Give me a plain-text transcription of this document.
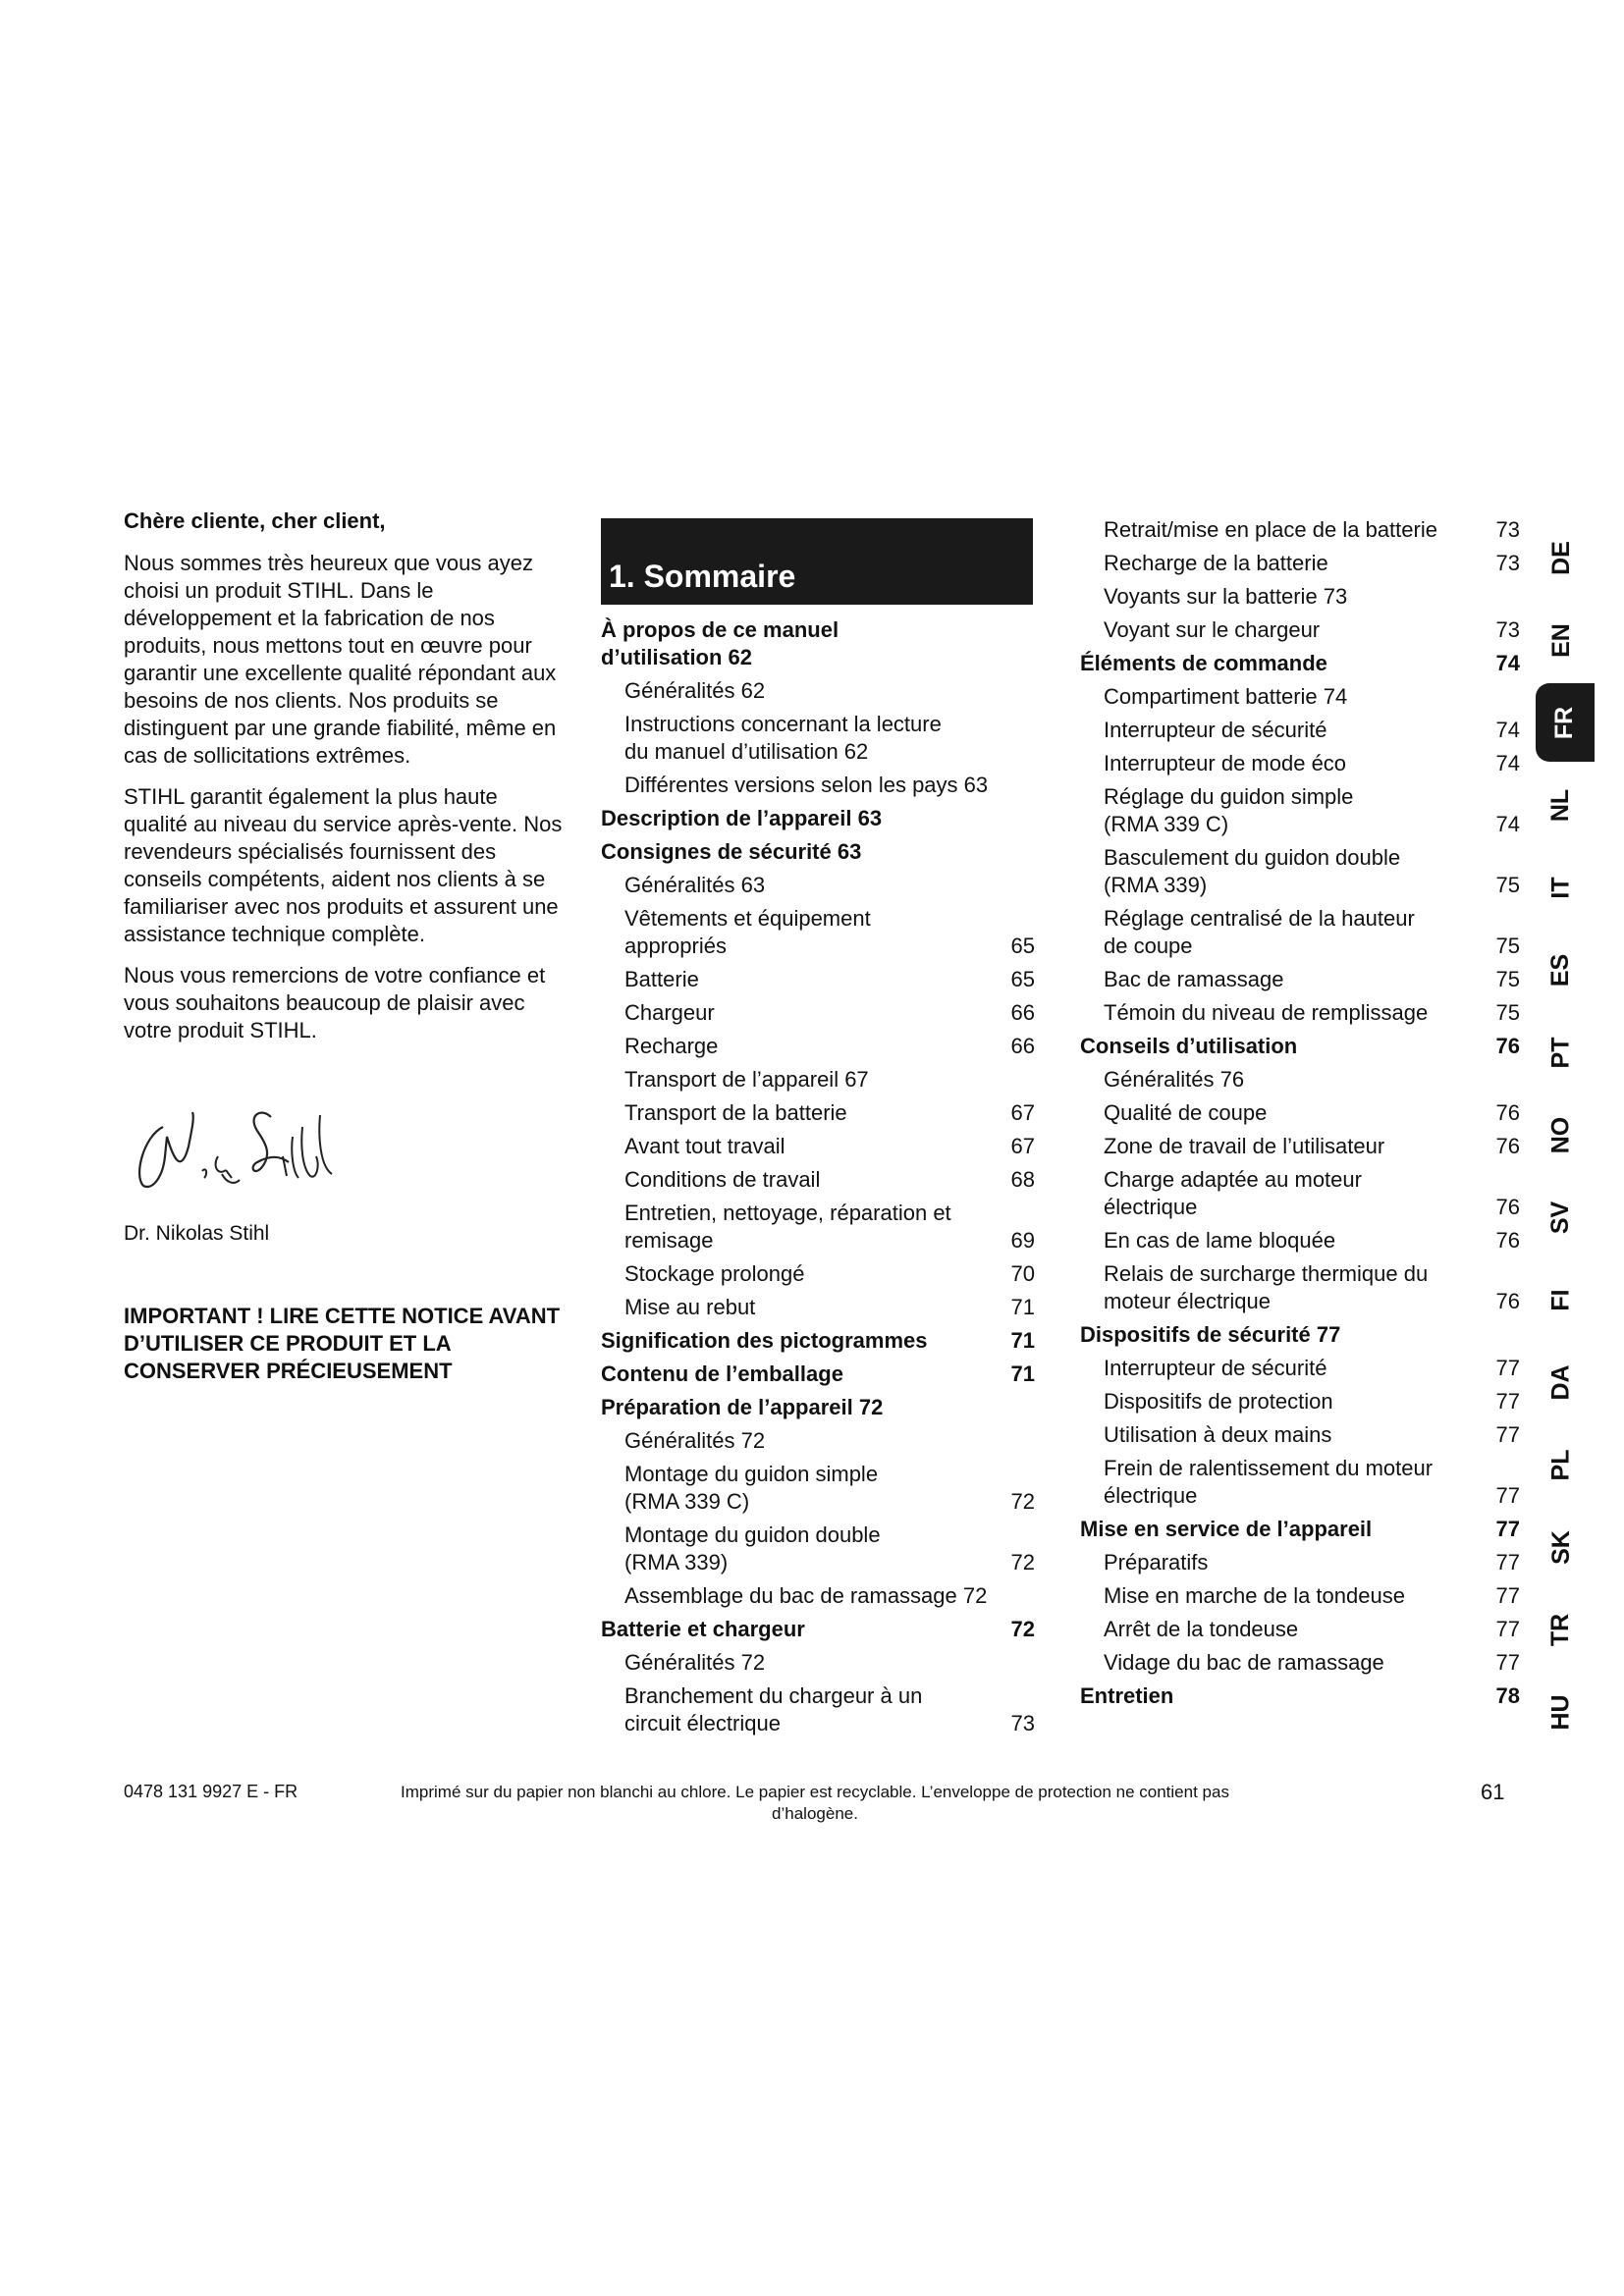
Chère cliente, cher client,

Nous sommes très heureux que vous ayez choisi un produit STIHL. Dans le développement et la fabrication de nos produits, nous mettons tout en œuvre pour garantir une excellente qualité répondant aux besoins de nos clients. Nos produits se distinguent par une grande fiabilité, même en cas de sollicitations extrêmes.

STIHL garantit également la plus haute qualité au niveau du service après-vente. Nos revendeurs spécialisés fournissent des conseils compétents, aident nos clients à se familiariser avec nos produits et assurent une assistance technique complète.

Nous vous remercions de votre confiance et vous souhaitons beaucoup de plaisir avec votre produit STIHL.

Dr. Nikolas Stihl
IMPORTANT ! LIRE CETTE NOTICE AVANT D’UTILISER CE PRODUIT ET LA CONSERVER PRÉCIEUSEMENT
1. Sommaire
À propos de ce manuel
d’utilisation 62
Généralités 62
Instructions concernant la lecture
du manuel d’utilisation 62
Différentes versions selon les pays 63
Description de l’appareil 63
Consignes de sécurité 63
Généralités 63
Vêtements et équipement
appropriés	65
Batterie	65
Chargeur	66
Recharge	66
Transport de l’appareil 67
Transport de la batterie	67
Avant tout travail	67
Conditions de travail	68
Entretien, nettoyage, réparation et
remisage	69
Stockage prolongé	70
Mise au rebut	71
Signification des pictogrammes	71
Contenu de l’emballage	71
Préparation de l’appareil 72
Généralités 72
Montage du guidon simple
(RMA 339 C)	72
Montage du guidon double
(RMA 339)	72
Assemblage du bac de ramassage 72
Batterie et chargeur	72
Généralités 72
Branchement du chargeur à un
circuit électrique	73
Retrait/mise en place de la batterie	73
Recharge de la batterie	73
Voyants sur la batterie 73
Voyant sur le chargeur	73
Éléments de commande	74
Compartiment batterie 74
Interrupteur de sécurité	74
Interrupteur de mode éco	74
Réglage du guidon simple
(RMA 339 C)	74
Basculement du guidon double
(RMA 339)	75
Réglage centralisé de la hauteur
de coupe	75
Bac de ramassage	75
Témoin du niveau de remplissage	75
Conseils d’utilisation	76
Généralités 76
Qualité de coupe	76
Zone de travail de l’utilisateur	76
Charge adaptée au moteur
électrique	76
En cas de lame bloquée	76
Relais de surcharge thermique du
moteur électrique	76
Dispositifs de sécurité 77
Interrupteur de sécurité	77
Dispositifs de protection	77
Utilisation à deux mains	77
Frein de ralentissement du moteur
électrique	77
Mise en service de l’appareil	77
Préparatifs	77
Mise en marche de la tondeuse	77
Arrêt de la tondeuse	77
Vidage du bac de ramassage	77
Entretien	78
DE
EN
FR
NL
IT
ES
PT
NO
SV
FI
DA
PL
SK
TR
HU
0478 131 9927 E - FR	Imprimé sur du papier non blanchi au chlore. Le papier est recyclable. L’enveloppe de protection ne contient pas d’halogène.
61
